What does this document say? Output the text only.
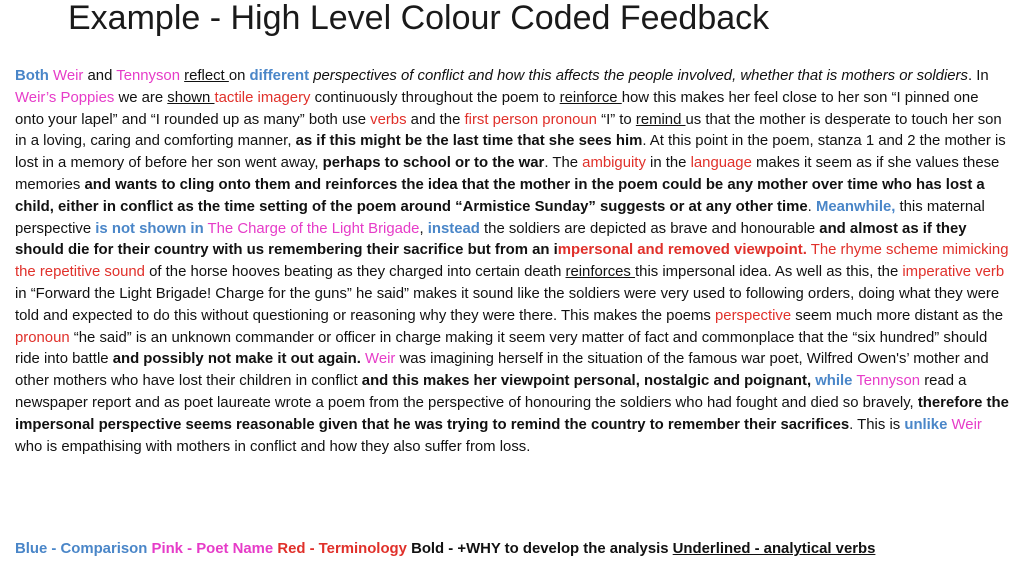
Example - High Level Colour Coded Feedback
Both Weir and Tennyson reflect on different perspectives of conflict and how this affects the people involved, whether that is mothers or soldiers. In Weir’s Poppies we are shown tactile imagery continuously throughout the poem to reinforce how this makes her feel close to her son “I pinned one onto your lapel” and “I rounded up as many” both use verbs and the first person pronoun “I” to remind us that the mother is desperate to touch her son in a loving, caring and comforting manner, as if this might be the last time that she sees him. At this point in the poem, stanza 1 and 2 the mother is lost in a memory of before her son went away, perhaps to school or to the war. The ambiguity in the language makes it seem as if she values these memories and wants to cling onto them and reinforces the idea that the mother in the poem could be any mother over time who has lost a child, either in conflict as the time setting of the poem around “Armistice Sunday” suggests or at any other time. Meanwhile, this maternal perspective is not shown in The Charge of the Light Brigade, instead the soldiers are depicted as brave and honourable and almost as if they should die for their country with us remembering their sacrifice but from an impersonal and removed viewpoint. The rhyme scheme mimicking the repetitive sound of the horse hooves beating as they charged into certain death reinforces this impersonal idea. As well as this, the imperative verb in “Forward the Light Brigade! Charge for the guns” he said” makes it sound like the soldiers were very used to following orders, doing what they were told and expected to do this without questioning or reasoning why they were there. This makes the poems perspective seem much more distant as the pronoun “he said” is an unknown commander or officer in charge making it seem very matter of fact and commonplace that the “six hundred” should ride into battle and possibly not make it out again. Weir was imagining herself in the situation of the famous war poet, Wilfred Owen's’ mother and other mothers who have lost their children in conflict and this makes her viewpoint personal, nostalgic and poignant, while Tennyson read a newspaper report and as poet laureate wrote a poem from the perspective of honouring the soldiers who had fought and died so bravely, therefore the impersonal perspective seems reasonable given that he was trying to remind the country to remember their sacrifices. This is unlike Weir who is empathising with mothers in conflict and how they also suffer from loss.
Blue - Comparison Pink - Poet Name Red - Terminology Bold - +WHY to develop the analysis Underlined - analytical verbs
